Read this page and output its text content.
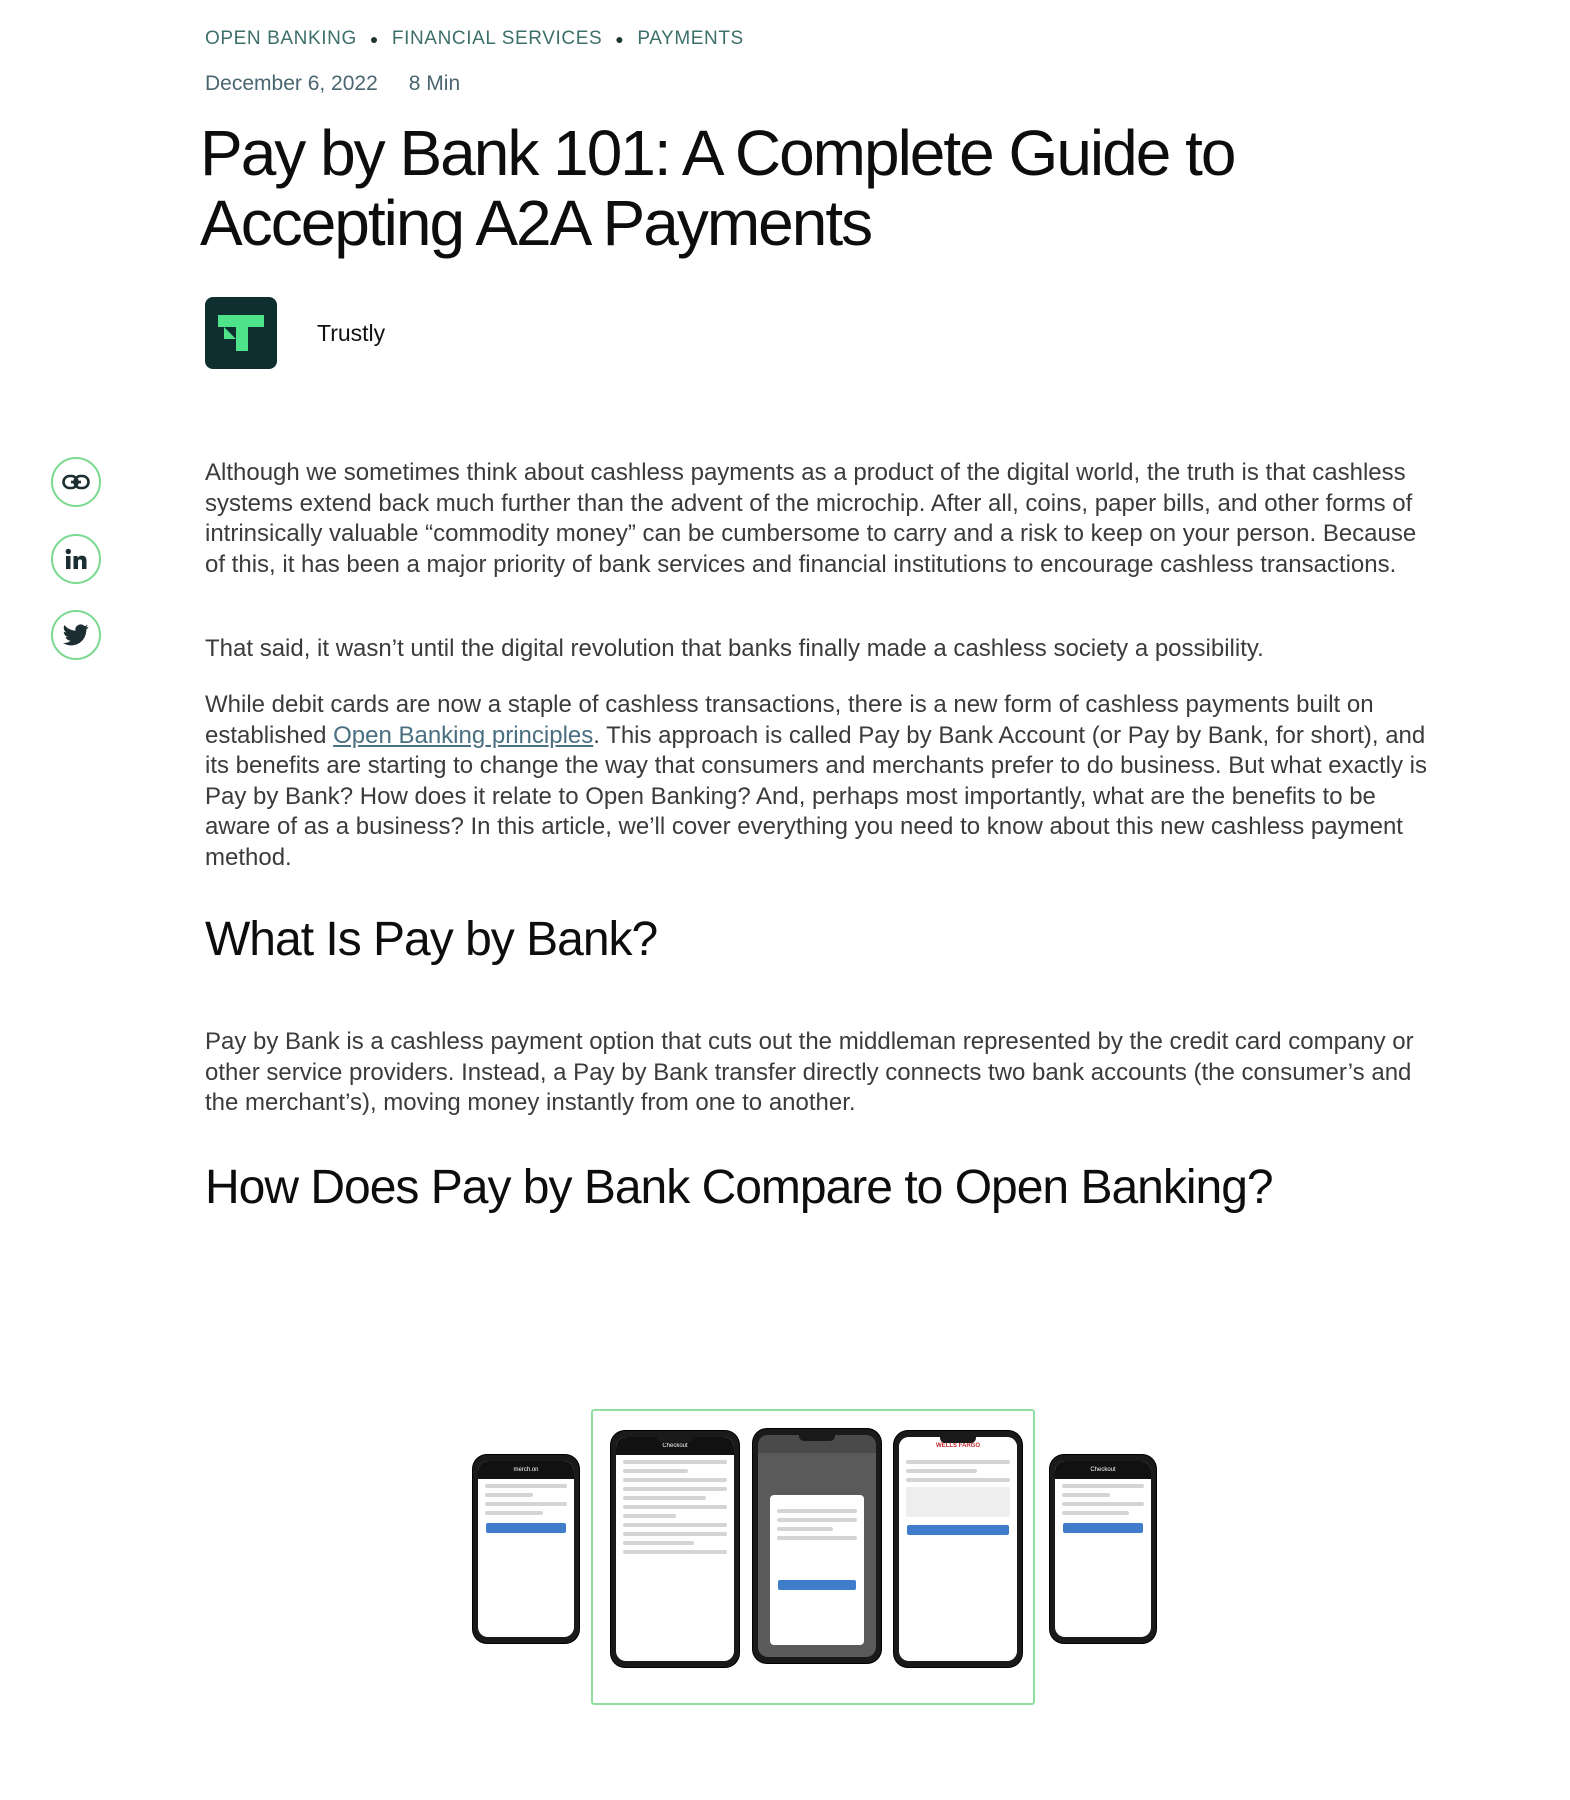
OPEN BANKING ● FINANCIAL SERVICES ● PAYMENTS
December 6, 2022 8 Min
Pay by Bank 101: A Complete Guide to Accepting A2A Payments
Trustly

Although we sometimes think about cashless payments as a product of the digital world, the truth is that cashless systems extend back much further than the advent of the microchip. After all, coins, paper bills, and other forms of intrinsically valuable “commodity money” can be cumbersome to carry and a risk to keep on your person. Because of this, it has been a major priority of bank services and financial institutions to encourage cashless transactions.

That said, it wasn’t until the digital revolution that banks finally made a cashless society a possibility.

While debit cards are now a staple of cashless transactions, there is a new form of cashless payments built on established Open Banking principles. This approach is called Pay by Bank Account (or Pay by Bank, for short), and its benefits are starting to change the way that consumers and merchants prefer to do business. But what exactly is Pay by Bank? How does it relate to Open Banking? And, perhaps most importantly, what are the benefits to be aware of as a business? In this article, we’ll cover everything you need to know about this new cashless payment method.

What Is Pay by Bank?

Pay by Bank is a cashless payment option that cuts out the middleman represented by the credit card company or other service providers. Instead, a Pay by Bank transfer directly connects two bank accounts (the consumer’s and the merchant’s), moving money instantly from one to another.

How Does Pay by Bank Compare to Open Banking?
merch.on
Checkout	WELLS FARGO
Checkout
